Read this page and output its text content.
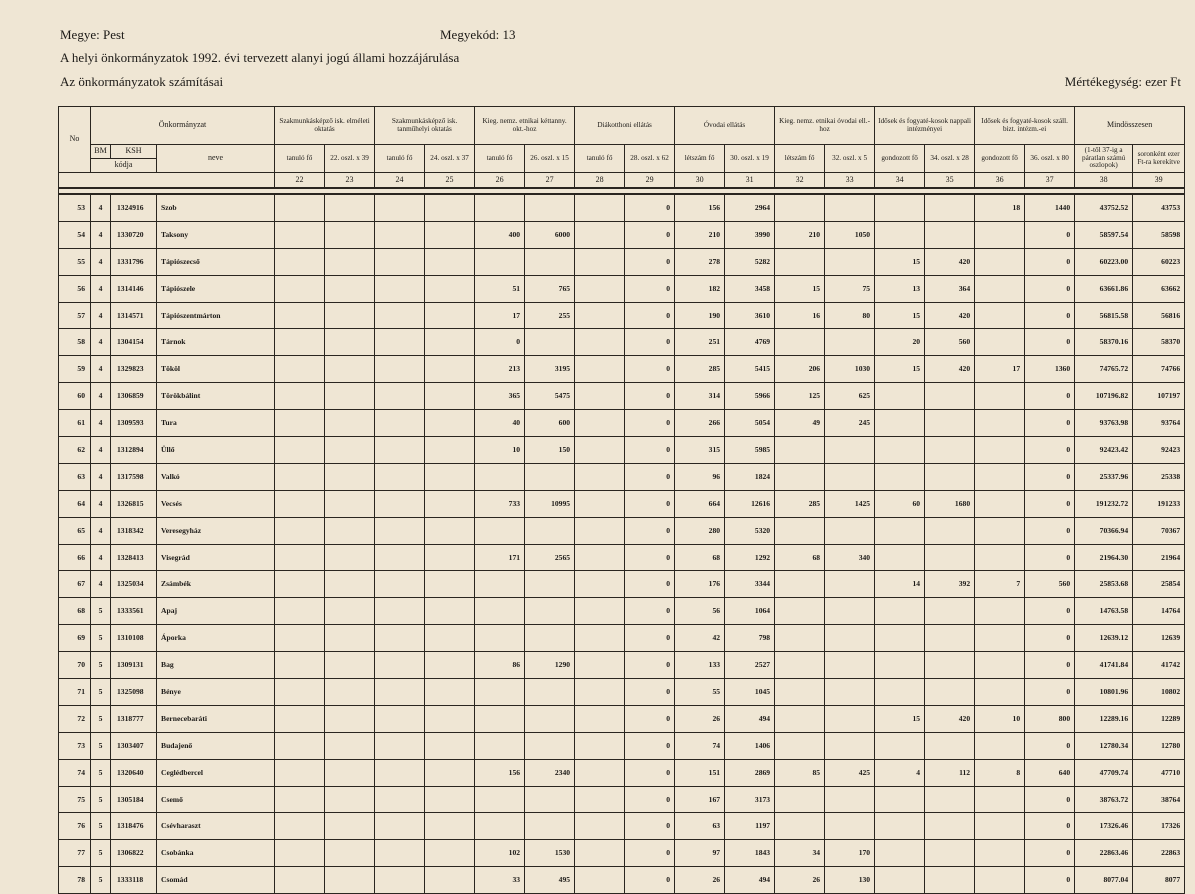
Megye: Pest	Megyekód: 13
A helyi önkormányzatok 1992. évi tervezett alanyi jogú állami hozzájárulása
Az önkormányzatok számításai	Mértékegység: ezer Ft
No	Önkormányzat			Szakmunkásképző isk. elméleti oktatás		Szakmunkásképző isk. tanműhelyi oktatás		Kieg. nemz. etnikai kéttanny. okt.-hoz		Diákotthoni ellátás		Óvodai ellátás		Kieg. nemz. etnikai óvodai ell.-hoz		Idősek és fogyaté-kosok nappali intézményei		Idősek és fogyaté-kosok száll. bizt. intézm.-ei		Mindösszesen	
	BM	KSH	neve	tanuló fő	22. oszl. x 39	tanuló fő	24. oszl. x 37	tanuló fő	26. oszl. x 15	tanuló fő	28. oszl. x 62	létszám fő	30. oszl. x 19	létszám fő	32. oszl. x 5	gondozott fő	34. oszl. x 28	gondozott fő	36. oszl. x 80	(1-től 37-ig a páratlan számú oszlopok)	soronként ezer Ft-ra kerekítve
	kódja																				
				22	23	24	25	26	27	28	29	30	31	32	33	34	35	36	37	38	39

53	4	1324916	Szob								0	156	2964					18	1440	43752.52	43753
54	4	1330720	Taksony					400	6000		0	210	3990	210	1050				0	58597.54	58598
55	4	1331796	Tápiószecső								0	278	5282			15	420		0	60223.00	60223
56	4	1314146	Tápiószele					51	765		0	182	3458	15	75	13	364		0	63661.86	63662
57	4	1314571	Tápiószentmárton					17	255		0	190	3610	16	80	15	420		0	56815.58	56816
58	4	1304154	Tárnok					0			0	251	4769			20	560		0	58370.16	58370
59	4	1329823	Tököl					213	3195		0	285	5415	206	1030	15	420	17	1360	74765.72	74766
60	4	1306859	Törökbálint					365	5475		0	314	5966	125	625				0	107196.82	107197
61	4	1309593	Tura					40	600		0	266	5054	49	245				0	93763.98	93764
62	4	1312894	Üllő					10	150		0	315	5985						0	92423.42	92423
63	4	1317598	Valkó								0	96	1824						0	25337.96	25338
64	4	1326815	Vecsés					733	10995		0	664	12616	285	1425	60	1680		0	191232.72	191233
65	4	1318342	Veresegyház								0	280	5320						0	70366.94	70367
66	4	1328413	Visegrád					171	2565		0	68	1292	68	340				0	21964.30	21964
67	4	1325034	Zsámbék								0	176	3344			14	392	7	560	25853.68	25854
68	5	1333561	Apaj								0	56	1064						0	14763.58	14764
69	5	1310108	Áporka								0	42	798						0	12639.12	12639
70	5	1309131	Bag					86	1290		0	133	2527						0	41741.84	41742
71	5	1325098	Bénye								0	55	1045						0	10801.96	10802
72	5	1318777	Bernecebaráti								0	26	494			15	420	10	800	12289.16	12289
73	5	1303407	Budajenő								0	74	1406						0	12780.34	12780
74	5	1320640	Ceglédbercel					156	2340		0	151	2869	85	425	4	112	8	640	47709.74	47710
75	5	1305184	Csemő								0	167	3173						0	38763.72	38764
76	5	1318476	Csévharaszt								0	63	1197						0	17326.46	17326
77	5	1306822	Csobánka					102	1530		0	97	1843	34	170				0	22863.46	22863
78	5	1333118	Csomád					33	495		0	26	494	26	130				0	8077.04	8077
